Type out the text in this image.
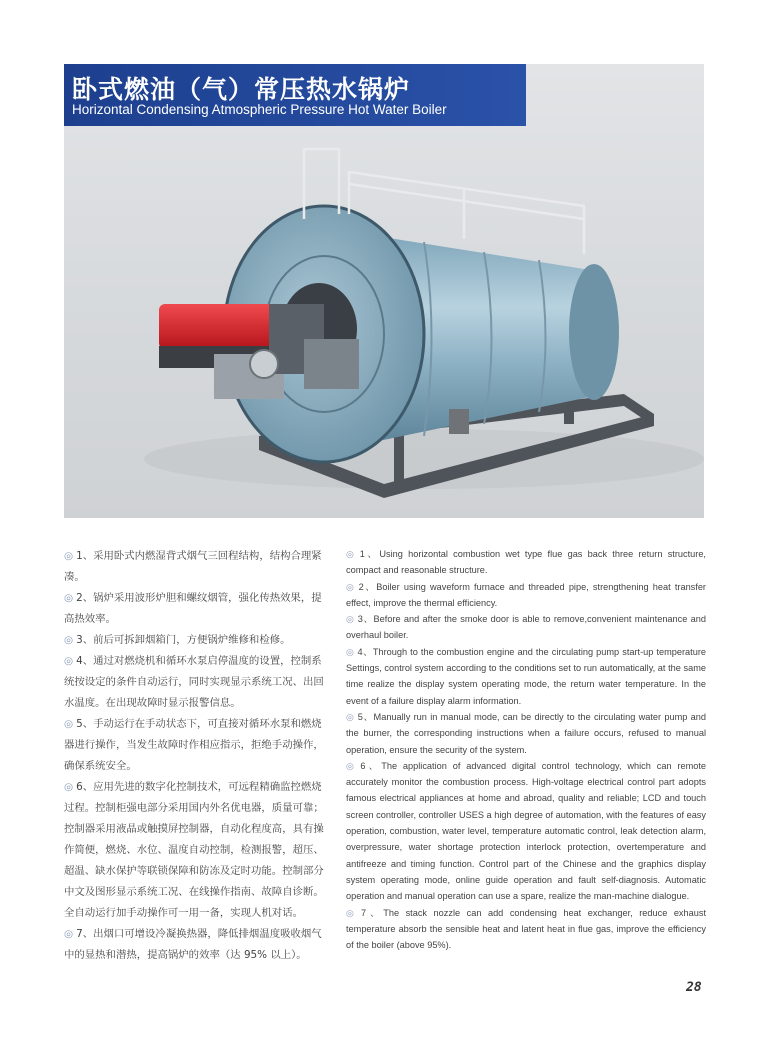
卧式燃油（气）常压热水锅炉
Horizontal Condensing Atmospheric Pressure Hot Water Boiler

◎ 1、采用卧式内燃湿背式烟气三回程结构，结构合理紧凑。

◎ 2、锅炉采用波形炉胆和螺纹烟管，强化传热效果，提高热效率。

◎ 3、前后可拆卸烟箱门，方便锅炉维修和检修。

◎ 4、通过对燃烧机和循环水泵启停温度的设置，控制系统按设定的条件自动运行，同时实现显示系统工况、出回水温度。在出现故障时显示报警信息。

◎ 5、手动运行在手动状态下，可直接对循环水泵和燃烧器进行操作，当发生故障时作相应指示，拒绝手动操作，确保系统安全。

◎ 6、应用先进的数字化控制技术，可远程精确监控燃烧过程。控制柜强电部分采用国内外名优电器，质量可靠；控制器采用液晶或触摸屏控制器，自动化程度高，具有操作简便，燃烧、水位、温度自动控制，检测报警，超压、超温、缺水保护等联锁保障和防冻及定时功能。控制部分中文及图形显示系统工况、在线操作指南、故障自诊断。全自动运行加手动操作可一用一备，实现人机对话。

◎ 7、出烟口可增设冷凝换热器，降低排烟温度吸收烟气中的显热和潜热，提高锅炉的效率（达 95% 以上）。

◎ 1、Using horizontal combustion wet type flue gas back three return structure, compact and reasonable structure.

◎ 2、Boiler using waveform furnace and threaded pipe, strengthening heat transfer effect, improve the thermal efficiency.

◎ 3、Before and after the smoke door is able to remove,convenient maintenance and overhaul boiler.

◎ 4、Through to the combustion engine and the circulating pump start-up temperature Settings, control system according to the conditions set to run automatically, at the same time realize the display system operating mode, the return water temperature. In the event of a failure display alarm information.

◎ 5、Manually run in manual mode, can be directly to the circulating water pump and the burner, the corresponding instructions when a failure occurs, refused to manual operation, ensure the security of the system.

◎ 6、The application of advanced digital control technology, which can remote accurately monitor the combustion process. High-voltage electrical control part adopts famous electrical appliances at home and abroad, quality and reliable; LCD and touch screen controller, controller USES a high degree of automation, with the features of easy operation, combustion, water level, temperature automatic control, leak detection alarm, overpressure, water shortage protection interlock protection, overtemperature and antifreeze and timing function. Control part of the Chinese and the graphics display system operating mode, online guide operation and fault self-diagnosis. Automatic operation and manual operation can use a spare, realize the man-machine dialogue.

◎ 7、The stack nozzle can add condensing heat exchanger, reduce exhaust temperature absorb the sensible heat and latent heat in flue gas, improve the efficiency of the boiler (above 95%).

28
